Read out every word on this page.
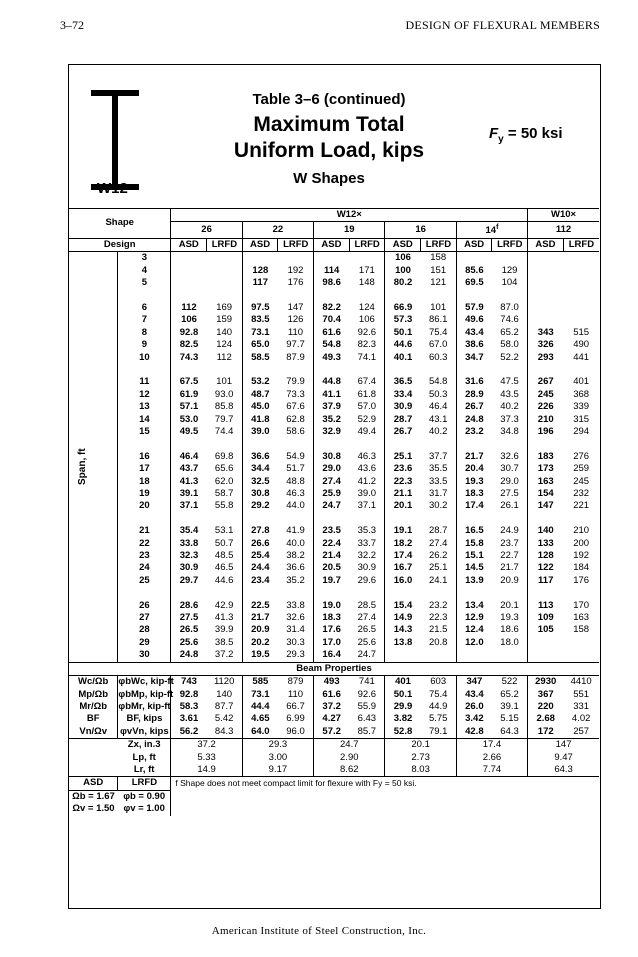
3–72	DESIGN OF FLEXURAL MEMBERS
W12
Table 3–6 (continued)
Maximum Total
Uniform Load, kips
W Shapes
$F_y = 50$ ksi
Span, ft
Shape		W12×										W10×	
		26		22		19		16		14$^f$		112	
Design		ASD	LRFD	ASD	LRFD	ASD	LRFD	ASD	LRFD	ASD	LRFD	ASD	LRFD
	3							106	158				
	4			128	192	114	171	100	151	85.6	129		
	5			117	176	98.6	148	80.2	121	69.5	104		

	6	112	169	97.5	147	82.2	124	66.9	101	57.9	87.0		
	7	106	159	83.5	126	70.4	106	57.3	86.1	49.6	74.6		
	8	92.8	140	73.1	110	61.6	92.6	50.1	75.4	43.4	65.2	343	515
	9	82.5	124	65.0	97.7	54.8	82.3	44.6	67.0	38.6	58.0	326	490
	10	74.3	112	58.5	87.9	49.3	74.1	40.1	60.3	34.7	52.2	293	441

	11	67.5	101	53.2	79.9	44.8	67.4	36.5	54.8	31.6	47.5	267	401
	12	61.9	93.0	48.7	73.3	41.1	61.8	33.4	50.3	28.9	43.5	245	368
	13	57.1	85.8	45.0	67.6	37.9	57.0	30.9	46.4	26.7	40.2	226	339
	14	53.0	79.7	41.8	62.8	35.2	52.9	28.7	43.1	24.8	37.3	210	315
	15	49.5	74.4	39.0	58.6	32.9	49.4	26.7	40.2	23.2	34.8	196	294

	16	46.4	69.8	36.6	54.9	30.8	46.3	25.1	37.7	21.7	32.6	183	276
	17	43.7	65.6	34.4	51.7	29.0	43.6	23.6	35.5	20.4	30.7	173	259
	18	41.3	62.0	32.5	48.8	27.4	41.2	22.3	33.5	19.3	29.0	163	245
	19	39.1	58.7	30.8	46.3	25.9	39.0	21.1	31.7	18.3	27.5	154	232
	20	37.1	55.8	29.2	44.0	24.7	37.1	20.1	30.2	17.4	26.1	147	221

	21	35.4	53.1	27.8	41.9	23.5	35.3	19.1	28.7	16.5	24.9	140	210
	22	33.8	50.7	26.6	40.0	22.4	33.7	18.2	27.4	15.8	23.7	133	200
	23	32.3	48.5	25.4	38.2	21.4	32.2	17.4	26.2	15.1	22.7	128	192
	24	30.9	46.5	24.4	36.6	20.5	30.9	16.7	25.1	14.5	21.7	122	184
	25	29.7	44.6	23.4	35.2	19.7	29.6	16.0	24.1	13.9	20.9	117	176

	26	28.6	42.9	22.5	33.8	19.0	28.5	15.4	23.2	13.4	20.1	113	170
	27	27.5	41.3	21.7	32.6	18.3	27.4	14.9	22.3	12.9	19.3	109	163
	28	26.5	39.9	20.9	31.4	17.6	26.5	14.3	21.5	12.4	18.6	105	158
	29	25.6	38.5	20.2	30.3	17.0	25.6	13.8	20.8	12.0	18.0		
	30	24.8	37.2	19.5	29.3	16.4	24.7						
Beam Properties													
Wc/Ωb	φbWc, kip-ft	743	1120	585	879	493	741	401	603	347	522	2930	4410
Mp/Ωb	φbMp, kip-ft	92.8	140	73.1	110	61.6	92.6	50.1	75.4	43.4	65.2	367	551
Mr/Ωb	φbMr, kip-ft	58.3	87.7	44.4	66.7	37.2	55.9	29.9	44.9	26.0	39.1	220	331
BF	BF, kips	3.61	5.42	4.65	6.99	4.27	6.43	3.82	5.75	3.42	5.15	2.68	4.02
Vn/Ωv	φvVn, kips	56.2	84.3	64.0	96.0	57.2	85.7	52.8	79.1	42.8	64.3	172	257
	Zx, in.3	37.2		29.3		24.7		20.1		17.4		147	
	Lp, ft	5.33		3.00		2.90		2.73		2.66		9.47	
	Lr, ft	14.9		9.17		8.62		8.03		7.74		64.3	
ASD	LRFD	f Shape does not meet compact limit for flexure with Fy = 50 ksi.											
Ωb = 1.67	φb = 0.90												
Ωv = 1.50	φv = 1.00												
American Institute of Steel Construction, Inc.
